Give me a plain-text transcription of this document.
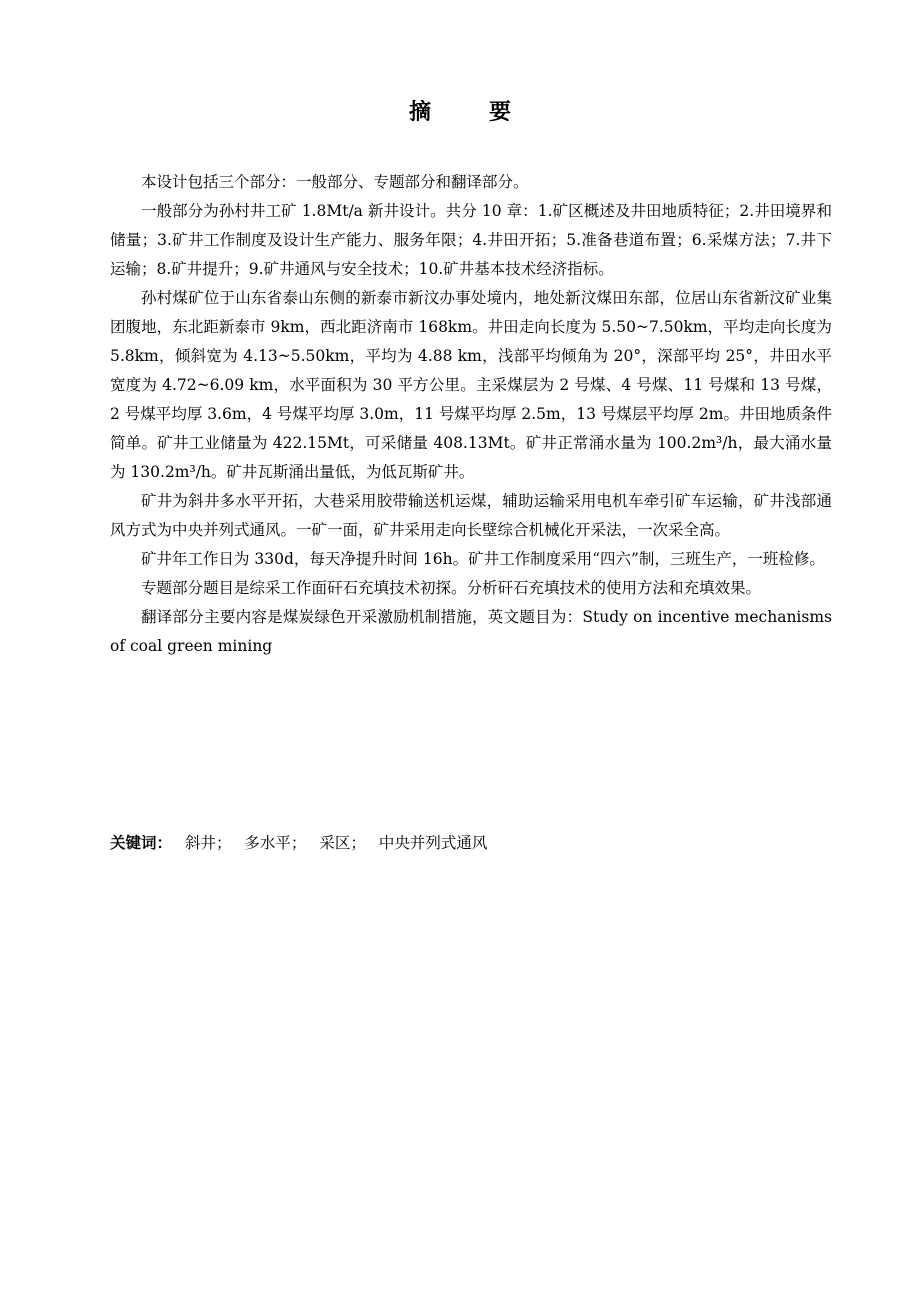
摘　要

本设计包括三个部分：一般部分、专题部分和翻译部分。

一般部分为孙村井工矿 1.8Mt/a 新井设计。共分 10 章：1.矿区概述及井田地质特征；2.井田境界和储量；3.矿井工作制度及设计生产能力、服务年限；4.井田开拓；5.准备巷道布置；6.采煤方法；7.井下运输；8.矿井提升；9.矿井通风与安全技术；10.矿井基本技术经济指标。

孙村煤矿位于山东省泰山东侧的新泰市新汶办事处境内，地处新汶煤田东部，位居山东省新汶矿业集团腹地，东北距新泰市 9km，西北距济南市 168km。井田走向长度为 5.50~7.50km，平均走向长度为 5.8km，倾斜宽为 4.13~5.50km，平均为 4.88 km，浅部平均倾角为 20°，深部平均 25°，井田水平宽度为 4.72~6.09 km，水平面积为 30 平方公里。主采煤层为 2 号煤、4 号煤、11 号煤和 13 号煤，2 号煤平均厚 3.6m，4 号煤平均厚 3.0m，11 号煤平均厚 2.5m，13 号煤层平均厚 2m。井田地质条件简单。矿井工业储量为 422.15Mt，可采储量 408.13Mt。矿井正常涌水量为 100.2m³/h，最大涌水量为 130.2m³/h。矿井瓦斯涌出量低，为低瓦斯矿井。

矿井为斜井多水平开拓，大巷采用胶带输送机运煤，辅助运输采用电机车牵引矿车运输，矿井浅部通风方式为中央并列式通风。一矿一面，矿井采用走向长壁综合机械化开采法，一次采全高。

矿井年工作日为 330d，每天净提升时间 16h。矿井工作制度采用“四六”制，三班生产，一班检修。

专题部分题目是综采工作面矸石充填技术初探。分析矸石充填技术的使用方法和充填效果。

翻译部分主要内容是煤炭绿色开采激励机制措施，英文题目为：Study on incentive mechanisms of coal green mining

关键词： 斜井； 多水平； 采区； 中央并列式通风
